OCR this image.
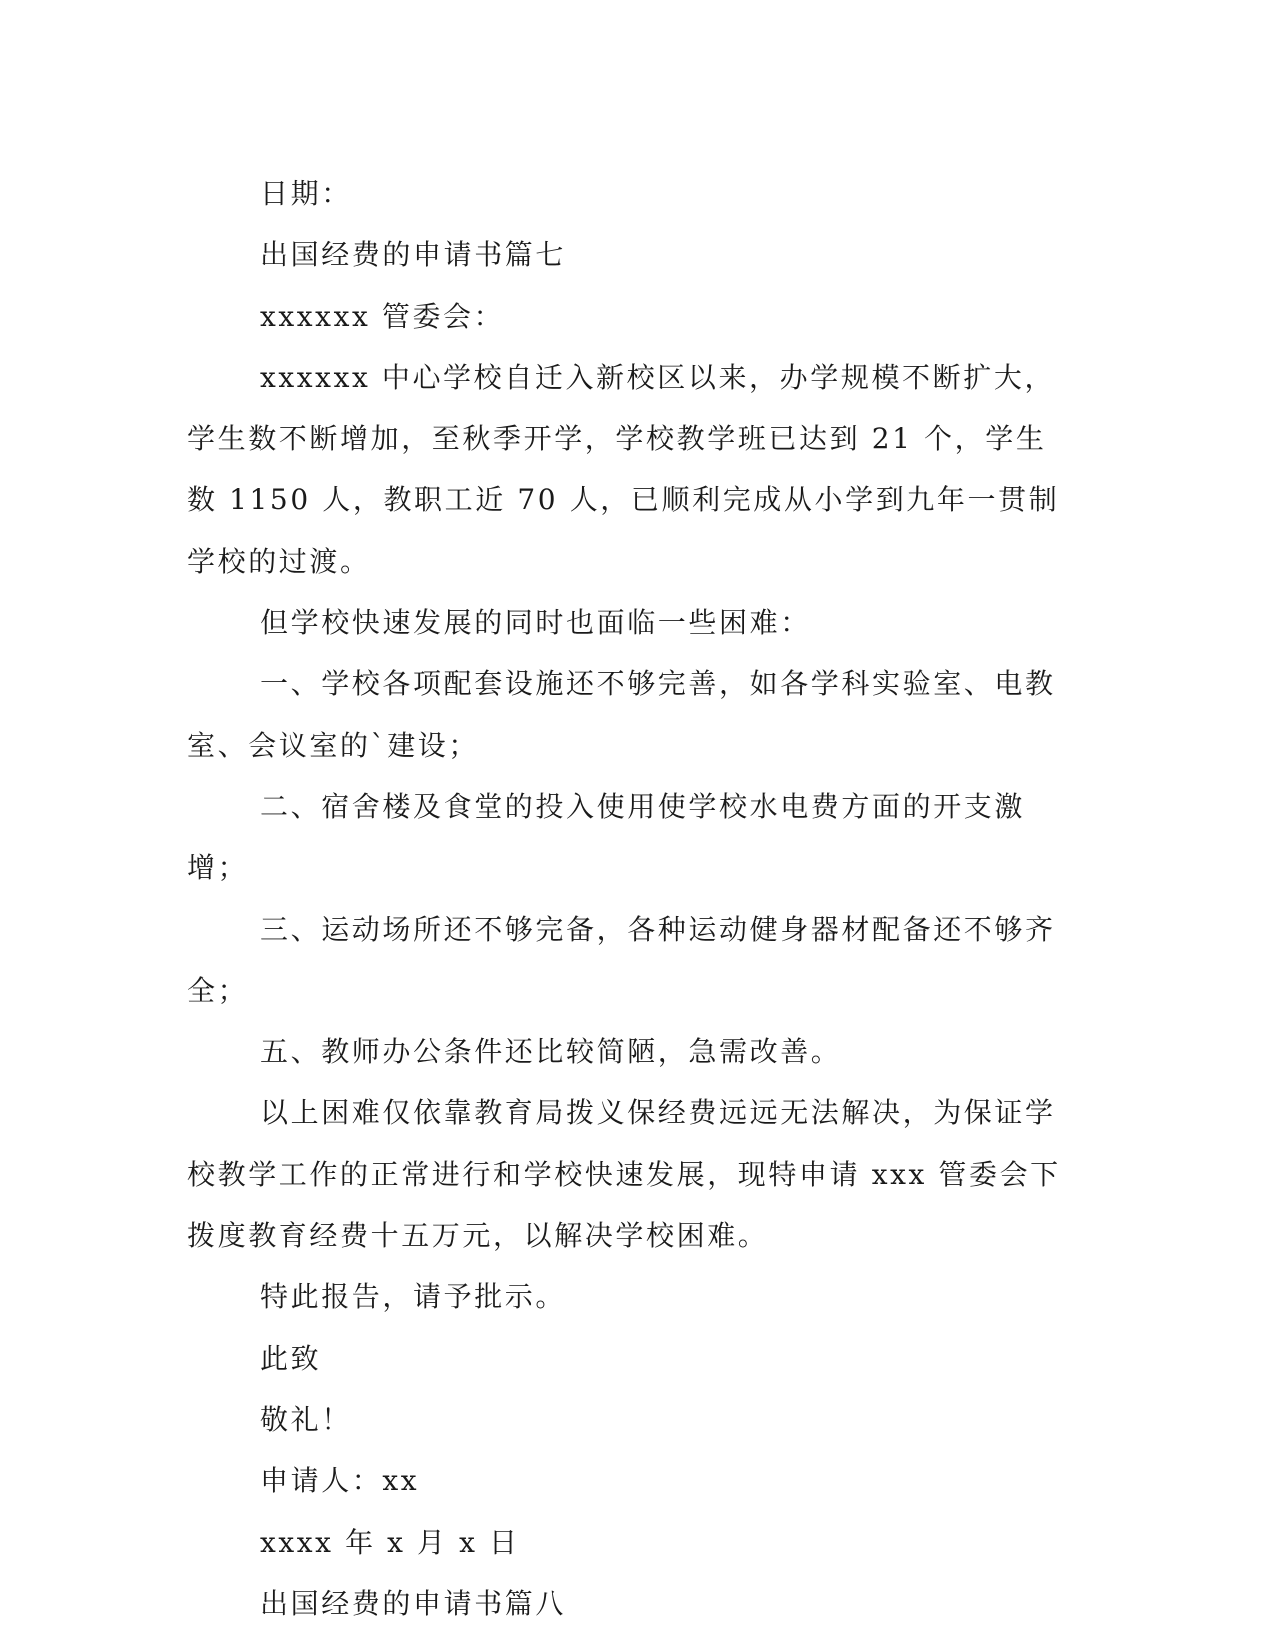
日期：

出国经费的申请书篇七

xxxxxx 管委会：

xxxxxx 中心学校自迁入新校区以来，办学规模不断扩大，学生数不断增加，至秋季开学，学校教学班已达到 21 个，学生数 1150 人，教职工近 70 人，已顺利完成从小学到九年一贯制学校的过渡。

但学校快速发展的同时也面临一些困难：

一、学校各项配套设施还不够完善，如各学科实验室、电教室、会议室的`建设；

二、宿舍楼及食堂的投入使用使学校水电费方面的开支激增；

三、运动场所还不够完备，各种运动健身器材配备还不够齐全；

五、教师办公条件还比较简陋，急需改善。

以上困难仅依靠教育局拨义保经费远远无法解决，为保证学校教学工作的正常进行和学校快速发展，现特申请 xxx 管委会下拨度教育经费十五万元，以解决学校困难。

特此报告，请予批示。

此致

敬礼！

申请人：xx

xxxx 年 x 月 x 日

出国经费的申请书篇八
